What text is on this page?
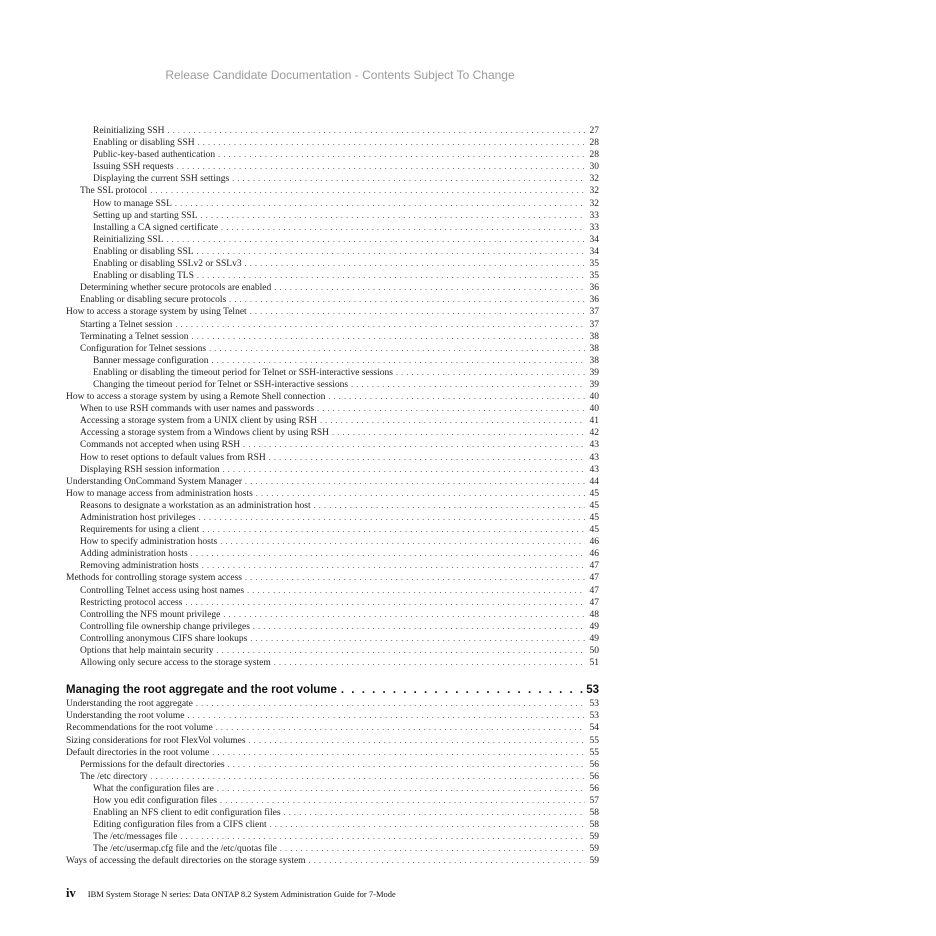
Release Candidate Documentation - Contents Subject To Change
Reinitializing SSH . . .	27
Enabling or disabling SSH . . .	28
Public-key-based authentication . . .	28
Issuing SSH requests . . .	30
Displaying the current SSH settings . . .	32
The SSL protocol . . .	32
How to manage SSL . . .	32
Setting up and starting SSL . . .	33
Installing a CA signed certificate . . .	33
Reinitializing SSL . . .	34
Enabling or disabling SSL . . .	34
Enabling or disabling SSLv2 or SSLv3 . . .	35
Enabling or disabling TLS . . .	35
Determining whether secure protocols are enabled . . .	36
Enabling or disabling secure protocols . . .	36
How to access a storage system by using Telnet . . .	37
Starting a Telnet session . . .	37
Terminating a Telnet session . . .	38
Configuration for Telnet sessions . . .	38
Banner message configuration . . .	38
Enabling or disabling the timeout period for Telnet or SSH-interactive sessions . . .	39
Changing the timeout period for Telnet or SSH-interactive sessions . . .	39
How to access a storage system by using a Remote Shell connection . . .	40
When to use RSH commands with user names and passwords . . .	40
Accessing a storage system from a UNIX client by using RSH . . .	41
Accessing a storage system from a Windows client by using RSH . . .	42
Commands not accepted when using RSH . . .	43
How to reset options to default values from RSH . . .	43
Displaying RSH session information . . .	43
Understanding OnCommand System Manager . . .	44
How to manage access from administration hosts . . .	45
Reasons to designate a workstation as an administration host . . .	45
Administration host privileges . . .	45
Requirements for using a client . . .	45
How to specify administration hosts . . .	46
Adding administration hosts . . .	46
Removing administration hosts . . .	47
Methods for controlling storage system access . . .	47
Controlling Telnet access using host names . . .	47
Restricting protocol access . . .	47
Controlling the NFS mount privilege . . .	48
Controlling file ownership change privileges . . .	49
Controlling anonymous CIFS share lookups . . .	49
Options that help maintain security . . .	50
Allowing only secure access to the storage system . . .	51
Managing the root aggregate and the root volume . . .	53
Understanding the root aggregate . . .	53
Understanding the root volume . . .	53
Recommendations for the root volume . . .	54
Sizing considerations for root FlexVol volumes . . .	55
Default directories in the root volume . . .	55
Permissions for the default directories . . .	56
The /etc directory . . .	56
What the configuration files are . . .	56
How you edit configuration files . . .	57
Enabling an NFS client to edit configuration files . . .	58
Editing configuration files from a CIFS client . . .	58
The /etc/messages file . . .	59
The /etc/usermap.cfg file and the /etc/quotas file . . .	59
Ways of accessing the default directories on the storage system . . .	59
iv IBM System Storage N series: Data ONTAP 8.2 System Administration Guide for 7-Mode
